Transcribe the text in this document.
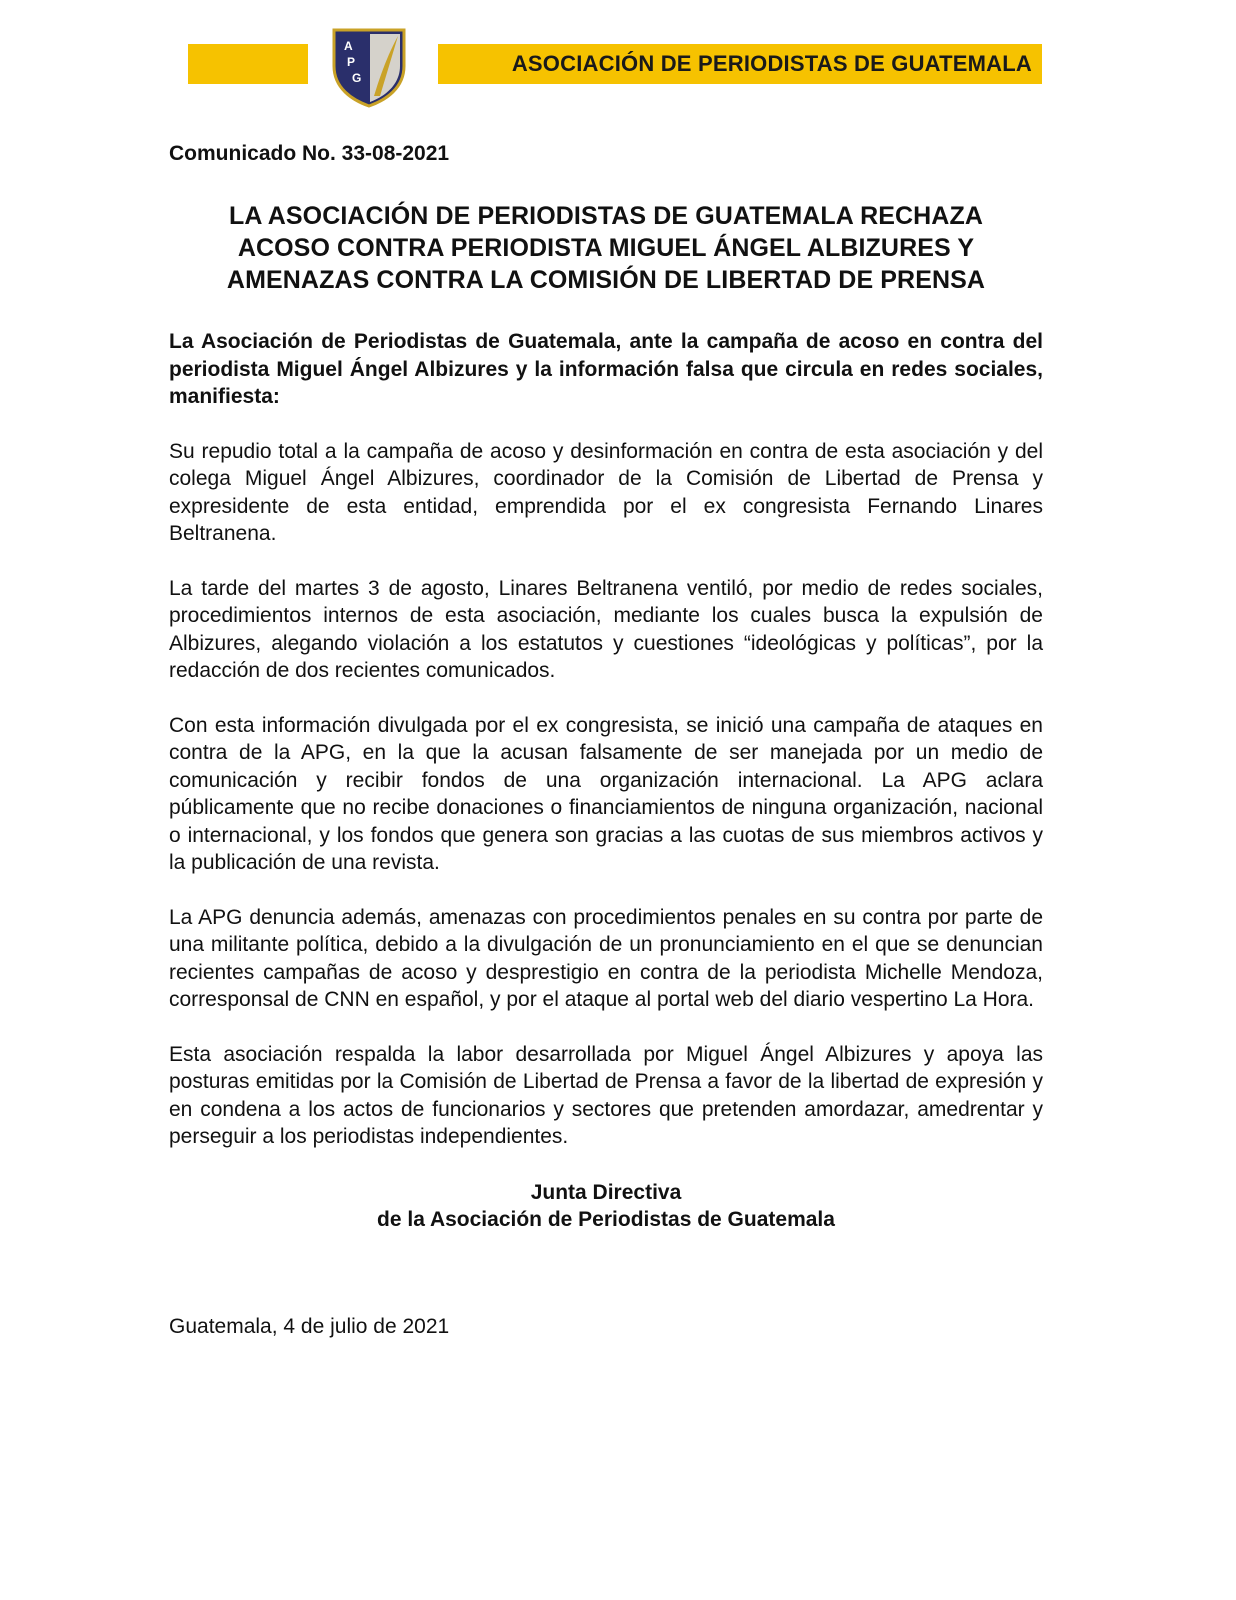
A
P
G
ASOCIACIÓN DE PERIODISTAS DE GUATEMALA

Comunicado No. 33-08-2021

LA ASOCIACIÓN DE PERIODISTAS DE GUATEMALA RECHAZA
ACOSO CONTRA PERIODISTA MIGUEL ÁNGEL ALBIZURES Y
AMENAZAS CONTRA LA COMISIÓN DE LIBERTAD DE PRENSA

La Asociación de Periodistas de Guatemala, ante la campaña de acoso en contra del periodista Miguel Ángel Albizures y la información falsa que circula en redes sociales, manifiesta:

Su repudio total a la campaña de acoso y desinformación en contra de esta asociación y del colega Miguel Ángel Albizures, coordinador de la Comisión de Libertad de Prensa y expresidente de esta entidad, emprendida por el ex congresista Fernando Linares Beltranena.

La tarde del martes 3 de agosto, Linares Beltranena ventiló, por medio de redes sociales, procedimientos internos de esta asociación, mediante los cuales busca la expulsión de Albizures, alegando violación a los estatutos y cuestiones “ideológicas y políticas”, por la redacción de dos recientes comunicados.

Con esta información divulgada por el ex congresista, se inició una campaña de ataques en contra de la APG, en la que la acusan falsamente de ser manejada por un medio de comunicación y recibir fondos de una organización internacional. La APG aclara públicamente que no recibe donaciones o financiamientos de ninguna organización, nacional o internacional, y los fondos que genera son gracias a las cuotas de sus miembros activos y la publicación de una revista.

La APG denuncia además, amenazas con procedimientos penales en su contra por parte de una militante política, debido a la divulgación de un pronunciamiento en el que se denuncian recientes campañas de acoso y desprestigio en contra de la periodista Michelle Mendoza, corresponsal de CNN en español, y por el ataque al portal web del diario vespertino La Hora.

Esta asociación respalda la labor desarrollada por Miguel Ángel Albizures y apoya las posturas emitidas por la Comisión de Libertad de Prensa a favor de la libertad de expresión y en condena a los actos de funcionarios y sectores que pretenden amordazar, amedrentar y perseguir a los periodistas independientes.

Junta Directiva
de la Asociación de Periodistas de Guatemala
Guatemala, 4 de julio de 2021
